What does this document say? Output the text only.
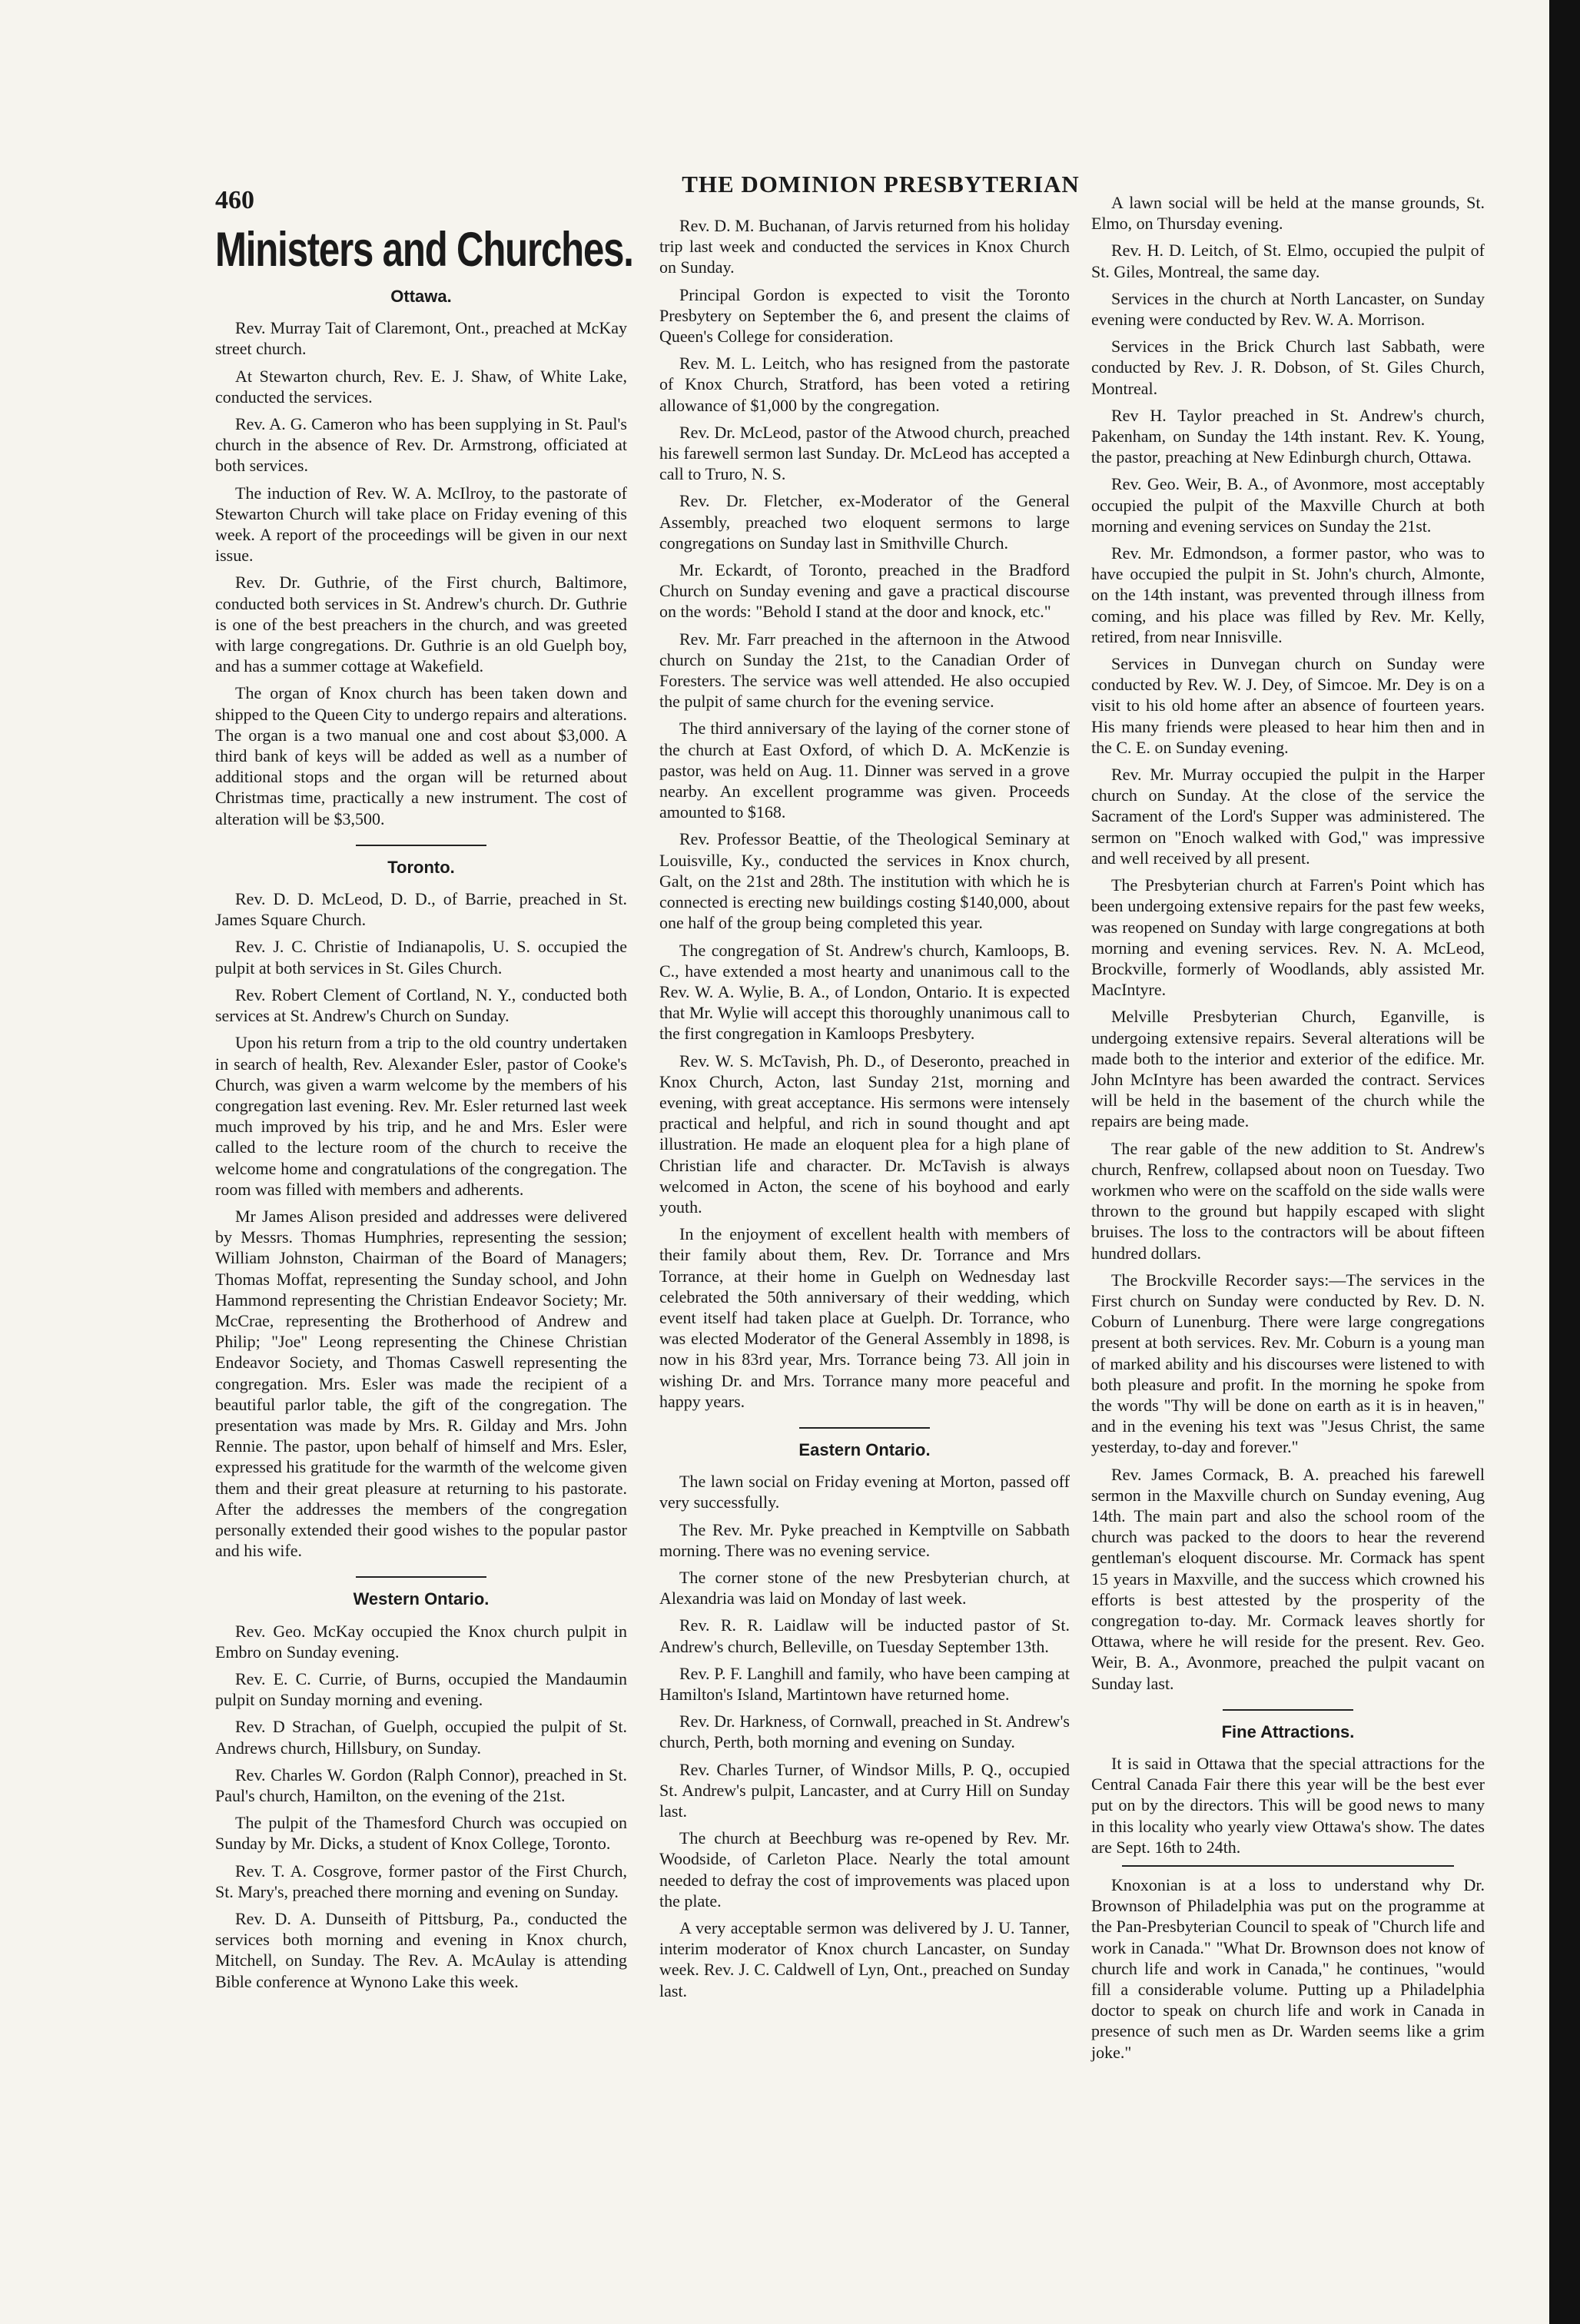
460
THE DOMINION PRESBYTERIAN
Ministers and Churches.
Ottawa.

Rev. Murray Tait of Claremont, Ont., preached at McKay street church.

At Stewarton church, Rev. E. J. Shaw, of White Lake, conducted the services.

Rev. A. G. Cameron who has been supplying in St. Paul's church in the absence of Rev. Dr. Armstrong, officiated at both services.

The induction of Rev. W. A. McIlroy, to the pastorate of Stewarton Church will take place on Friday evening of this week. A report of the proceedings will be given in our next issue.

Rev. Dr. Guthrie, of the First church, Baltimore, conducted both services in St. Andrew's church. Dr. Guthrie is one of the best preachers in the church, and was greeted with large congregations. Dr. Guthrie is an old Guelph boy, and has a summer cottage at Wakefield.

The organ of Knox church has been taken down and shipped to the Queen City to undergo repairs and alterations. The organ is a two manual one and cost about $3,000. A third bank of keys will be added as well as a number of additional stops and the organ will be returned about Christmas time, practically a new instrument. The cost of alteration will be $3,500.

Toronto.

Rev. D. D. McLeod, D. D., of Barrie, preached in St. James Square Church.

Rev. J. C. Christie of Indianapolis, U. S. occupied the pulpit at both services in St. Giles Church.

Rev. Robert Clement of Cortland, N. Y., conducted both services at St. Andrew's Church on Sunday.

Upon his return from a trip to the old country undertaken in search of health, Rev. Alexander Esler, pastor of Cooke's Church, was given a warm welcome by the members of his congregation last evening. Rev. Mr. Esler returned last week much improved by his trip, and he and Mrs. Esler were called to the lecture room of the church to receive the welcome home and congratulations of the congregation. The room was filled with members and adherents.

Mr James Alison presided and addresses were delivered by Messrs. Thomas Humphries, representing the session; William Johnston, Chairman of the Board of Managers; Thomas Moffat, representing the Sunday school, and John Hammond representing the Christian Endeavor Society; Mr. McCrae, representing the Brotherhood of Andrew and Philip; "Joe" Leong representing the Chinese Christian Endeavor Society, and Thomas Caswell representing the congregation. Mrs. Esler was made the recipient of a beautiful parlor table, the gift of the congregation. The presentation was made by Mrs. R. Gilday and Mrs. John Rennie. The pastor, upon behalf of himself and Mrs. Esler, expressed his gratitude for the warmth of the welcome given them and their great pleasure at returning to his pastorate. After the addresses the members of the congregation personally extended their good wishes to the popular pastor and his wife.

Western Ontario.

Rev. Geo. McKay occupied the Knox church pulpit in Embro on Sunday evening.

Rev. E. C. Currie, of Burns, occupied the Mandaumin pulpit on Sunday morning and evening.

Rev. D Strachan, of Guelph, occupied the pulpit of St. Andrews church, Hillsbury, on Sunday.

Rev. Charles W. Gordon (Ralph Connor), preached in St. Paul's church, Hamilton, on the evening of the 21st.

The pulpit of the Thamesford Church was occupied on Sunday by Mr. Dicks, a student of Knox College, Toronto.

Rev. T. A. Cosgrove, former pastor of the First Church, St. Mary's, preached there morning and evening on Sunday.

Rev. D. A. Dunseith of Pittsburg, Pa., conducted the services both morning and evening in Knox church, Mitchell, on Sunday. The Rev. A. McAulay is attending Bible conference at Wynono Lake this week.

Rev. D. M. Buchanan, of Jarvis returned from his holiday trip last week and conducted the services in Knox Church on Sunday.

Principal Gordon is expected to visit the Toronto Presbytery on September the 6, and present the claims of Queen's College for consideration.

Rev. M. L. Leitch, who has resigned from the pastorate of Knox Church, Stratford, has been voted a retiring allowance of $1,000 by the congregation.

Rev. Dr. McLeod, pastor of the Atwood church, preached his farewell sermon last Sunday. Dr. McLeod has accepted a call to Truro, N. S.

Rev. Dr. Fletcher, ex-Moderator of the General Assembly, preached two eloquent sermons to large congregations on Sunday last in Smithville Church.

Mr. Eckardt, of Toronto, preached in the Bradford Church on Sunday evening and gave a practical discourse on the words: "Behold I stand at the door and knock, etc."

Rev. Mr. Farr preached in the afternoon in the Atwood church on Sunday the 21st, to the Canadian Order of Foresters. The service was well attended. He also occupied the pulpit of same church for the evening service.

The third anniversary of the laying of the corner stone of the church at East Oxford, of which D. A. McKenzie is pastor, was held on Aug. 11. Dinner was served in a grove nearby. An excellent programme was given. Proceeds amounted to $168.

Rev. Professor Beattie, of the Theological Seminary at Louisville, Ky., conducted the services in Knox church, Galt, on the 21st and 28th. The institution with which he is connected is erecting new buildings costing $140,000, about one half of the group being completed this year.

The congregation of St. Andrew's church, Kamloops, B. C., have extended a most hearty and unanimous call to the Rev. W. A. Wylie, B. A., of London, Ontario. It is expected that Mr. Wylie will accept this thoroughly unanimous call to the first congregation in Kamloops Presbytery.

Rev. W. S. McTavish, Ph. D., of Deseronto, preached in Knox Church, Acton, last Sunday 21st, morning and evening, with great acceptance. His sermons were intensely practical and helpful, and rich in sound thought and apt illustration. He made an eloquent plea for a high plane of Christian life and character. Dr. McTavish is always welcomed in Acton, the scene of his boyhood and early youth.

In the enjoyment of excellent health with members of their family about them, Rev. Dr. Torrance and Mrs Torrance, at their home in Guelph on Wednesday last celebrated the 50th anniversary of their wedding, which event itself had taken place at Guelph. Dr. Torrance, who was elected Moderator of the General Assembly in 1898, is now in his 83rd year, Mrs. Torrance being 73. All join in wishing Dr. and Mrs. Torrance many more peaceful and happy years.

Eastern Ontario.

The lawn social on Friday evening at Morton, passed off very successfully.

The Rev. Mr. Pyke preached in Kemptville on Sabbath morning. There was no evening service.

The corner stone of the new Presbyterian church, at Alexandria was laid on Monday of last week.

Rev. R. R. Laidlaw will be inducted pastor of St. Andrew's church, Belleville, on Tuesday September 13th.

Rev. P. F. Langhill and family, who have been camping at Hamilton's Island, Martintown have returned home.

Rev. Dr. Harkness, of Cornwall, preached in St. Andrew's church, Perth, both morning and evening on Sunday.

Rev. Charles Turner, of Windsor Mills, P. Q., occupied St. Andrew's pulpit, Lancaster, and at Curry Hill on Sunday last.

The church at Beechburg was re-opened by Rev. Mr. Woodside, of Carleton Place. Nearly the total amount needed to defray the cost of improvements was placed upon the plate.

A very acceptable sermon was delivered by J. U. Tanner, interim moderator of Knox church Lancaster, on Sunday week. Rev. J. C. Caldwell of Lyn, Ont., preached on Sunday last.

A lawn social will be held at the manse grounds, St. Elmo, on Thursday evening.

Rev. H. D. Leitch, of St. Elmo, occupied the pulpit of St. Giles, Montreal, the same day.

Services in the church at North Lancaster, on Sunday evening were conducted by Rev. W. A. Morrison.

Services in the Brick Church last Sabbath, were conducted by Rev. J. R. Dobson, of St. Giles Church, Montreal.

Rev H. Taylor preached in St. Andrew's church, Pakenham, on Sunday the 14th instant. Rev. K. Young, the pastor, preaching at New Edinburgh church, Ottawa.

Rev. Geo. Weir, B. A., of Avonmore, most acceptably occupied the pulpit of the Maxville Church at both morning and evening services on Sunday the 21st.

Rev. Mr. Edmondson, a former pastor, who was to have occupied the pulpit in St. John's church, Almonte, on the 14th instant, was prevented through illness from coming, and his place was filled by Rev. Mr. Kelly, retired, from near Innisville.

Services in Dunvegan church on Sunday were conducted by Rev. W. J. Dey, of Simcoe. Mr. Dey is on a visit to his old home after an absence of fourteen years. His many friends were pleased to hear him then and in the C. E. on Sunday evening.

Rev. Mr. Murray occupied the pulpit in the Harper church on Sunday. At the close of the service the Sacrament of the Lord's Supper was administered. The sermon on "Enoch walked with God," was impressive and well received by all present.

The Presbyterian church at Farren's Point which has been undergoing extensive repairs for the past few weeks, was reopened on Sunday with large congregations at both morning and evening services. Rev. N. A. McLeod, Brockville, formerly of Woodlands, ably assisted Mr. MacIntyre.

Melville Presbyterian Church, Eganville, is undergoing extensive repairs. Several alterations will be made both to the interior and exterior of the edifice. Mr. John McIntyre has been awarded the contract. Services will be held in the basement of the church while the repairs are being made.

The rear gable of the new addition to St. Andrew's church, Renfrew, collapsed about noon on Tuesday. Two workmen who were on the scaffold on the side walls were thrown to the ground but happily escaped with slight bruises. The loss to the contractors will be about fifteen hundred dollars.

The Brockville Recorder says:—The services in the First church on Sunday were conducted by Rev. D. N. Coburn of Lunenburg. There were large congregations present at both services. Rev. Mr. Coburn is a young man of marked ability and his discourses were listened to with both pleasure and profit. In the morning he spoke from the words "Thy will be done on earth as it is in heaven," and in the evening his text was "Jesus Christ, the same yesterday, to-day and forever."

Rev. James Cormack, B. A. preached his farewell sermon in the Maxville church on Sunday evening, Aug 14th. The main part and also the school room of the church was packed to the doors to hear the reverend gentleman's eloquent discourse. Mr. Cormack has spent 15 years in Maxville, and the success which crowned his efforts is best attested by the prosperity of the congregation to-day. Mr. Cormack leaves shortly for Ottawa, where he will reside for the present. Rev. Geo. Weir, B. A., Avonmore, preached the pulpit vacant on Sunday last.

Fine Attractions.

It is said in Ottawa that the special attractions for the Central Canada Fair there this year will be the best ever put on by the directors. This will be good news to many in this locality who yearly view Ottawa's show. The dates are Sept. 16th to 24th.

Knoxonian is at a loss to understand why Dr. Brownson of Philadelphia was put on the programme at the Pan-Presbyterian Council to speak of "Church life and work in Canada." "What Dr. Brownson does not know of church life and work in Canada," he continues, "would fill a considerable volume. Putting up a Philadelphia doctor to speak on church life and work in Canada in presence of such men as Dr. Warden seems like a grim joke."
